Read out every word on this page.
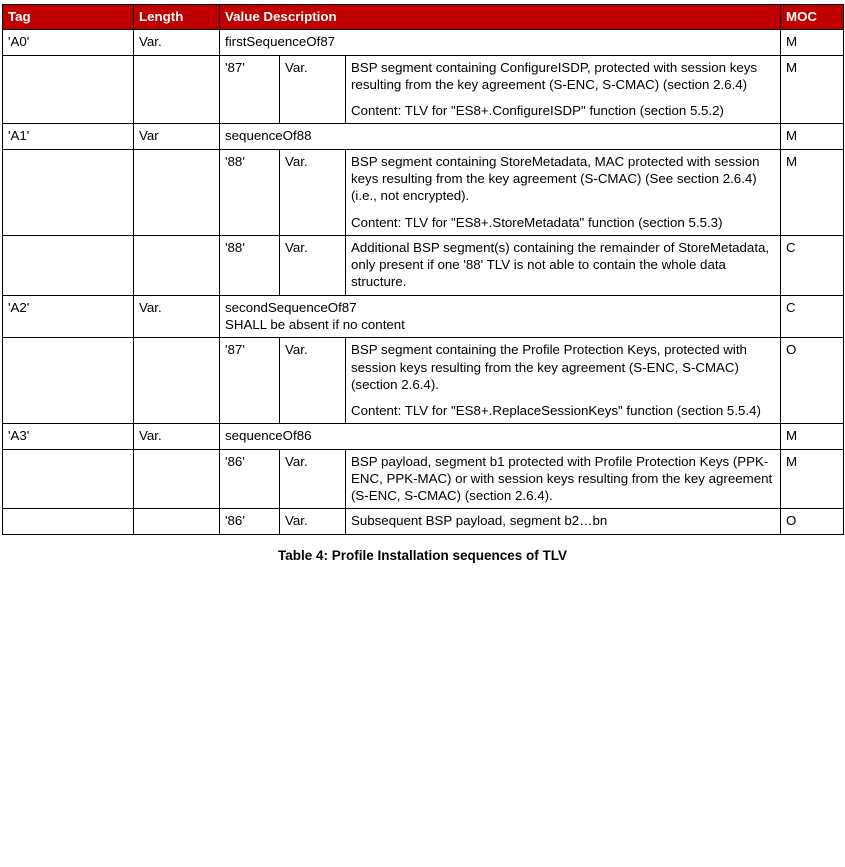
Tag	Length	Value Description			MOC
'A0'	Var.	firstSequenceOf87			M
		'87'	Var.	BSP segment containing ConfigureISDP, protected with session keys resulting from the key agreement (S-ENC, S-CMAC) (section 2.6.4)

Content: TLV for "ES8+.ConfigureISDP" function (section 5.5.2)	M
'A1'	Var	sequenceOf88			M
		'88'	Var.	BSP segment containing StoreMetadata, MAC protected with session keys resulting from the key agreement (S-CMAC) (See section 2.6.4) (i.e., not encrypted).

Content: TLV for "ES8+.StoreMetadata" function (section 5.5.3)	M
		'88'	Var.	Additional BSP segment(s) containing the remainder of StoreMetadata, only present if one '88' TLV is not able to contain the whole data structure.	C
'A2'	Var.	secondSequenceOf87

SHALL be absent if no content			C
		'87'	Var.	BSP segment containing the Profile Protection Keys, protected with session keys resulting from the key agreement (S-ENC, S-CMAC) (section 2.6.4).

Content: TLV for "ES8+.ReplaceSessionKeys" function (section 5.5.4)	O
'A3'	Var.	sequenceOf86			M
		'86'	Var.	BSP payload, segment b1 protected with Profile Protection Keys (PPK-ENC, PPK-MAC) or with session keys resulting from the key agreement (S-ENC, S-CMAC) (section 2.6.4).	M
		'86'	Var.	Subsequent BSP payload, segment b2…bn	O
Table 4: Profile Installation sequences of TLV
